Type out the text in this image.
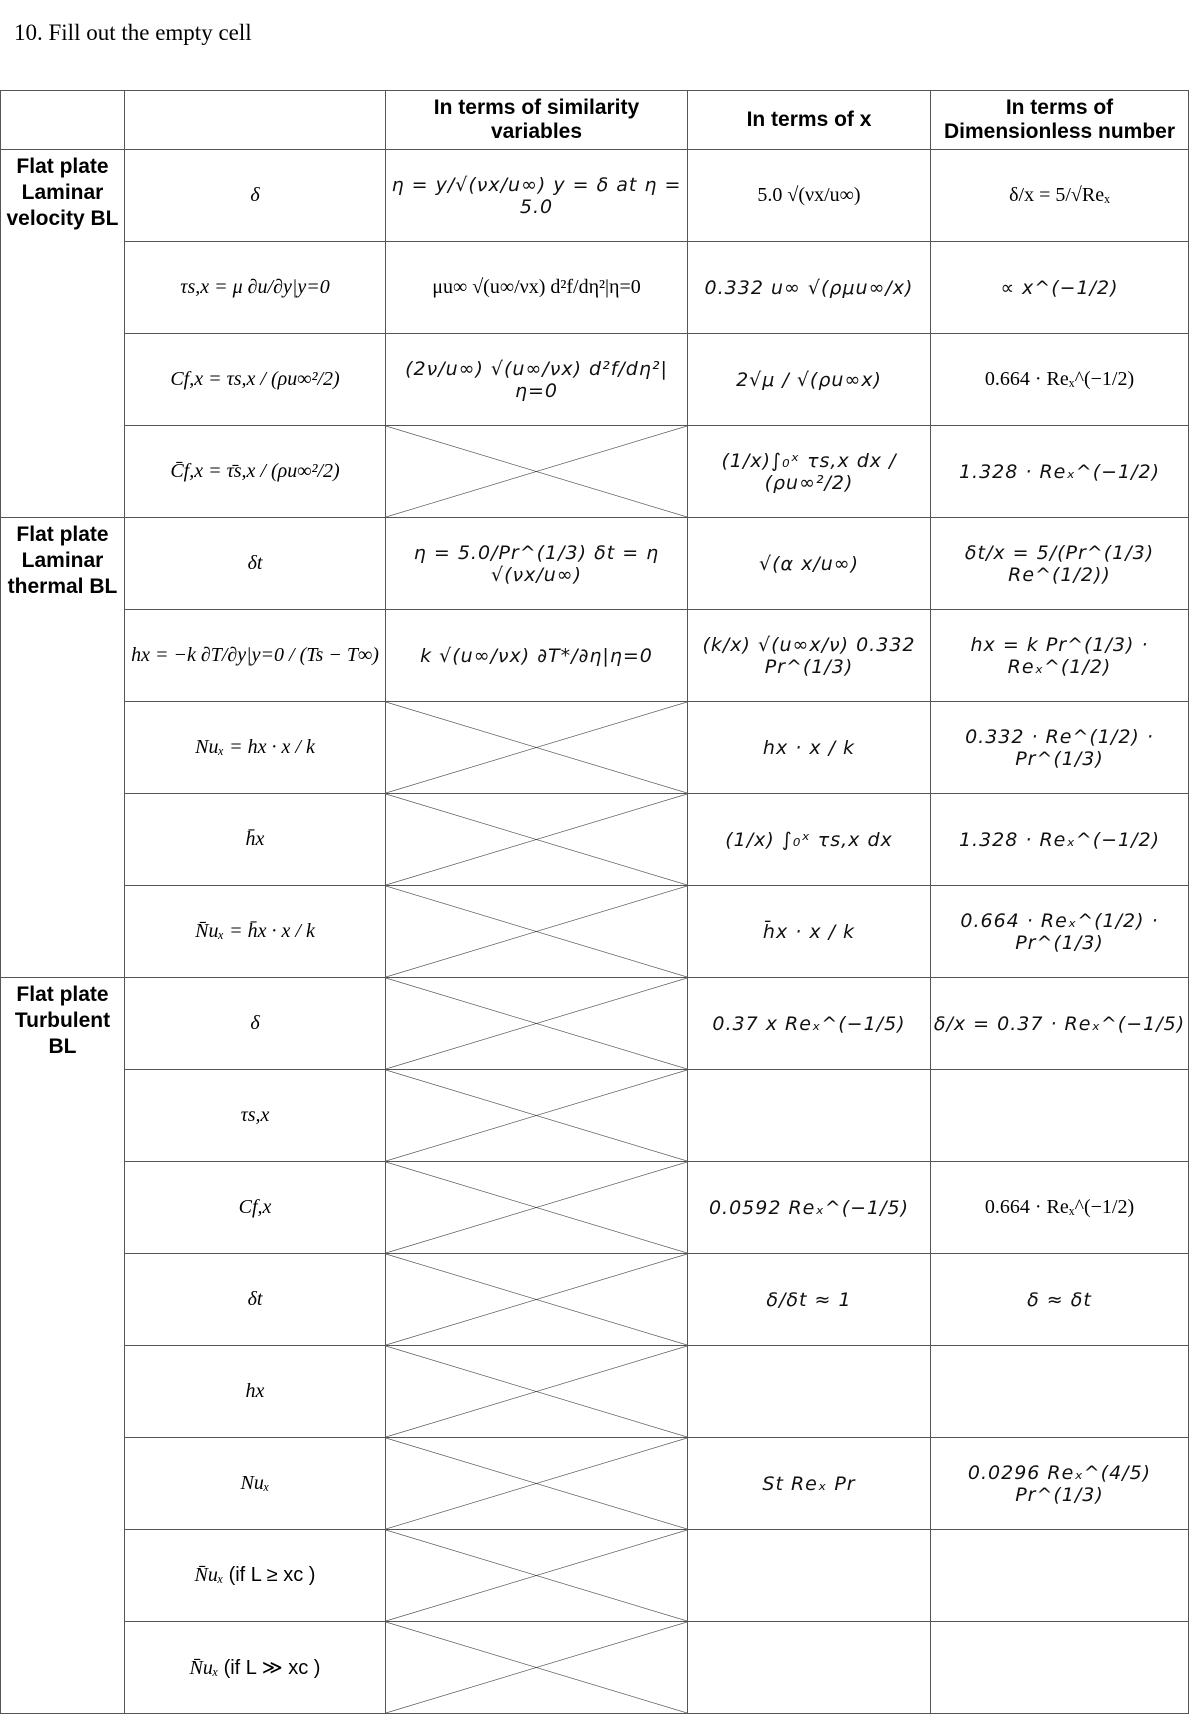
10. Fill out the empty cell
		In terms of similarity variables	In terms of x	In terms of Dimensionless number
Flat plate Laminar velocity BL	δ	η = y/√(νx/u∞) y = δ at η = 5.0	5.0 √(νx/u∞)	δ/x = 5/√Reₓ
	τs,x = μ ∂u/∂y|y=0	μu∞ √(u∞/νx) d²f/dη²|η=0	0.332 u∞ √(ρμu∞/x)	∝ x^(−1/2)
	Cf,x = τs,x / (ρu∞²/2)	(2ν/u∞) √(u∞/νx) d²f/dη²|η=0	2√μ / √(ρu∞x)	0.664 · Reₓ^(−1/2)
	C̄f,x = τ̄s,x / (ρu∞²/2)		(1/x)∫₀ˣ τs,x dx / (ρu∞²/2)	1.328 · Reₓ^(−1/2)
Flat plate Laminar thermal BL	δt	η = 5.0/Pr^(1/3) δt = η √(νx/u∞)	√(α x/u∞)	δt/x = 5/(Pr^(1/3) Re^(1/2))
	hx = −k ∂T/∂y|y=0 / (Ts − T∞)	k √(u∞/νx) ∂T*/∂η|η=0	(k/x) √(u∞x/ν) 0.332 Pr^(1/3)	hx = k Pr^(1/3) · Reₓ^(1/2)
	Nuₓ = hx · x / k		hx · x / k	0.332 · Re^(1/2) · Pr^(1/3)
	h̄x		(1/x) ∫₀ˣ τs,x dx	1.328 · Reₓ^(−1/2)
	N̄uₓ = h̄x · x / k		h̄x · x / k	0.664 · Reₓ^(1/2) · Pr^(1/3)
Flat plate Turbulent BL	δ		0.37 x Reₓ^(−1/5)	δ/x = 0.37 · Reₓ^(−1/5)
	τs,x	

	Cf,x		0.0592 Reₓ^(−1/5)	0.664 · Reₓ^(−1/2)
	δt		δ/δt ≈ 1	δ ≈ δt
	hx	

	Nuₓ		St Reₓ Pr	0.0296 Reₓ^(4/5) Pr^(1/3)
	N̄uₓ (if L ≥ xc )	

	N̄uₓ (if L ≫ xc )	
